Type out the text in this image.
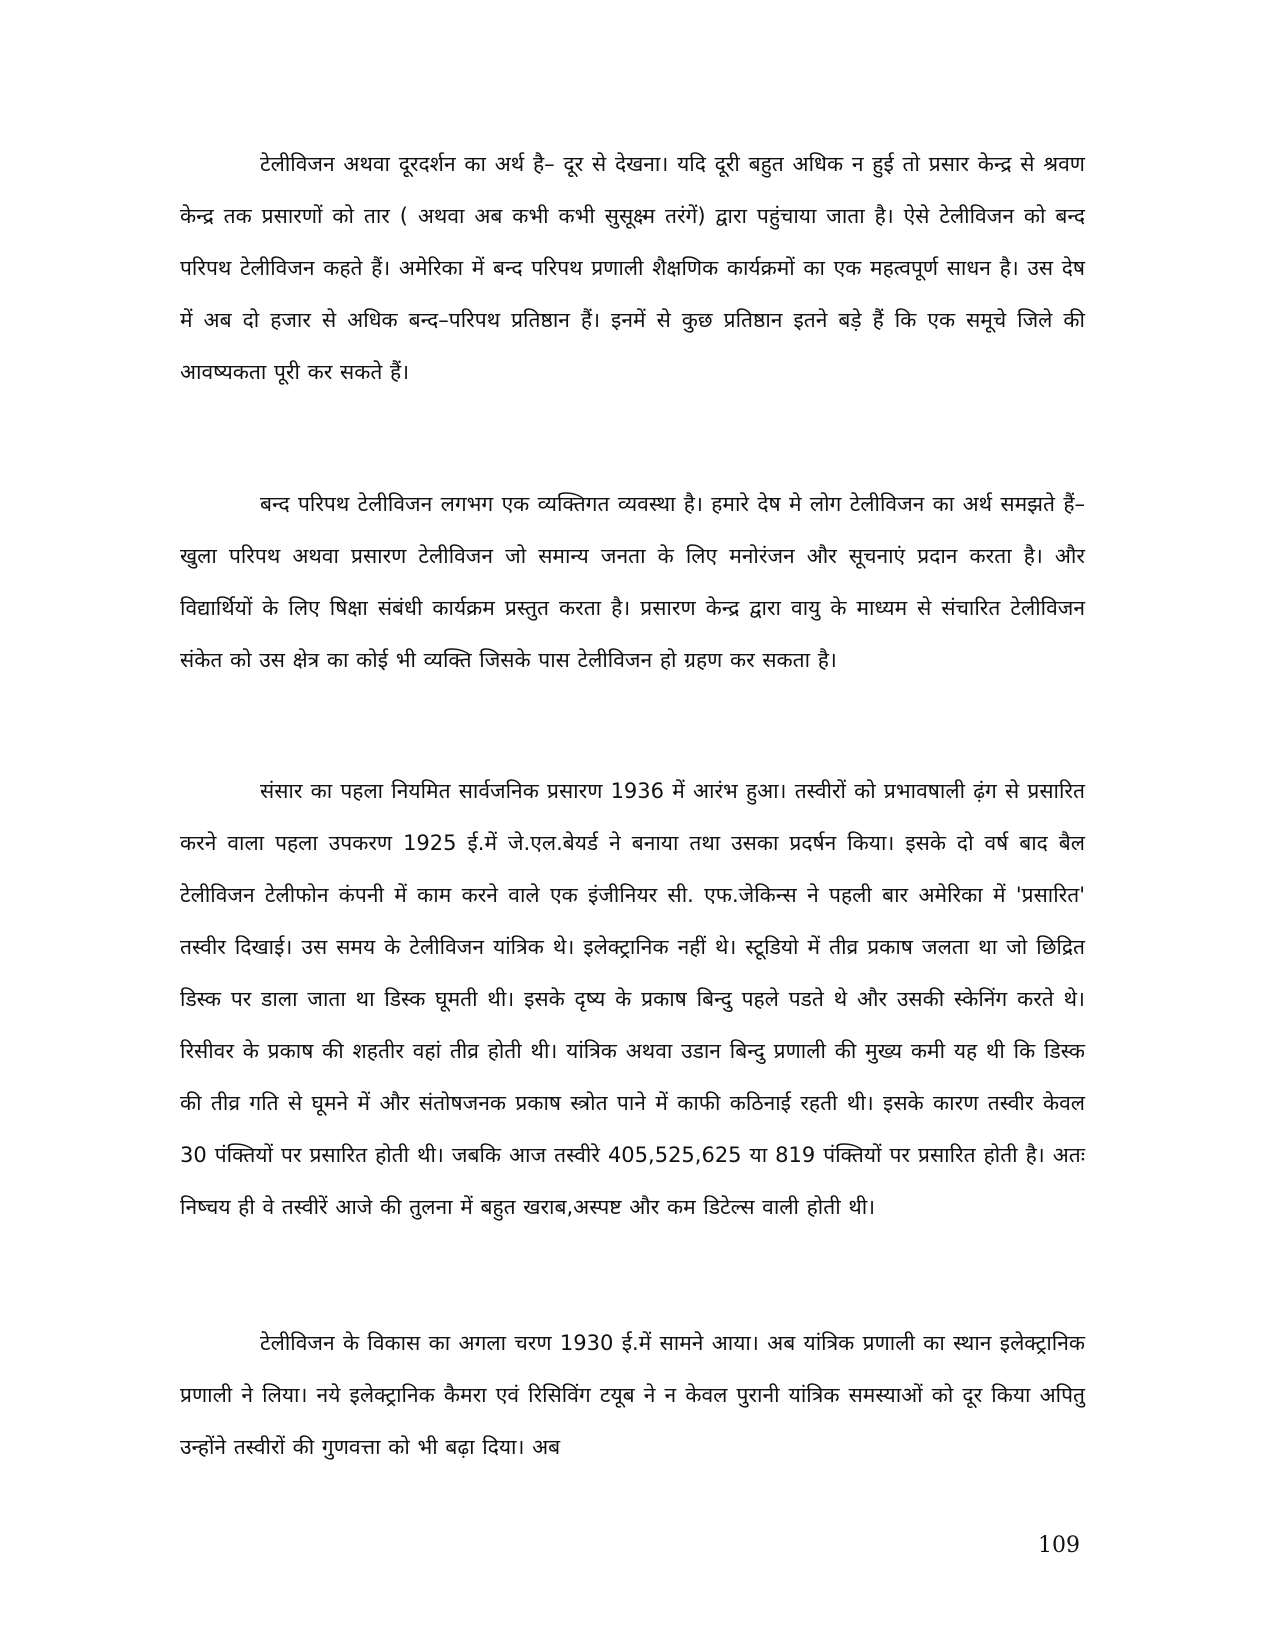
टेलीविजन अथवा दूरदर्शन का अर्थ है– दूर से देखना। यदि दूरी बहुत अधिक न हुई तो प्रसार केन्द्र से श्रवण केन्द्र तक प्रसारणों को तार ( अथवा अब कभी कभी सुसूक्ष्म तरंगें) द्वारा पहुंचाया जाता है। ऐसे टेलीविजन को बन्द परिपथ टेलीविजन कहते हैं। अमेरिका में बन्द परिपथ प्रणाली शैक्षणिक कार्यक्रमों का एक महत्वपूर्ण साधन है। उस देष में अब दो हजार से अधिक बन्द–परिपथ प्रतिष्ठान हैं। इनमें से कुछ प्रतिष्ठान इतने बड़े हैं कि एक समूचे जिले की आवष्यकता पूरी कर सकते हैं।

बन्द परिपथ टेलीविजन लगभग एक व्यक्तिगत व्यवस्था है। हमारे देष मे लोग टेलीविजन का अर्थ समझते हैं–खुला परिपथ अथवा प्रसारण टेलीविजन जो समान्य जनता के लिए मनोरंजन और सूचनाएं प्रदान करता है। और विद्यार्थियों के लिए षिक्षा संबंधी कार्यक्रम प्रस्तुत करता है। प्रसारण केन्द्र द्वारा वायु के माध्यम से संचारित टेलीविजन संकेत को उस क्षेत्र का कोई भी व्यक्ति जिसके पास टेलीविजन हो ग्रहण कर सकता है।

संसार का पहला नियमित सार्वजनिक प्रसारण 1936 में आरंभ हुआ। तस्वीरों को प्रभावषाली ढ़ंग से प्रसारित करने वाला पहला उपकरण 1925 ई.में जे.एल.बेयर्ड ने बनाया तथा उसका प्रदर्षन किया। इसके दो वर्ष बाद बैल टेलीविजन टेलीफोन कंपनी में काम करने वाले एक इंजीनियर सी. एफ.जेकिन्स ने पहली बार अमेरिका में 'प्रसारित' तस्वीर दिखाई। उस समय के टेलीविजन यांत्रिक थे। इलेक्ट्रानिक नहीं थे। स्टूडियो में तीव्र प्रकाष जलता था जो छिद्रित डिस्क पर डाला जाता था डिस्क घूमती थी। इसके दृष्य के प्रकाष बिन्दु पहले पडते थे और उसकी स्केनिंग करते थे। रिसीवर के प्रकाष की शहतीर वहां तीव्र होती थी। यांत्रिक अथवा उडान बिन्दु प्रणाली की मुख्य कमी यह थी कि डिस्क की तीव्र गति से घूमने में और संतोषजनक प्रकाष स्त्रोत पाने में काफी कठिनाई रहती थी। इसके कारण तस्वीर केवल 30 पंक्तियों पर प्रसारित होती थी। जबकि आज तस्वीरे 405,525,625 या 819 पंक्तियों पर प्रसारित होती है। अतः निष्चय ही वे तस्वीरें आजे की तुलना में बहुत खराब,अस्पष्ट और कम डिटेल्स वाली होती थी।

टेलीविजन के विकास का अगला चरण 1930 ई.में सामने आया। अब यांत्रिक प्रणाली का स्थान इलेक्ट्रानिक प्रणाली ने लिया। नये इलेक्ट्रानिक कैमरा एवं रिसिविंग टयूब ने न केवल पुरानी यांत्रिक समस्याओं को दूर किया अपितु उन्होंने तस्वीरों की गुणवत्ता को भी बढ़ा दिया। अब

109
